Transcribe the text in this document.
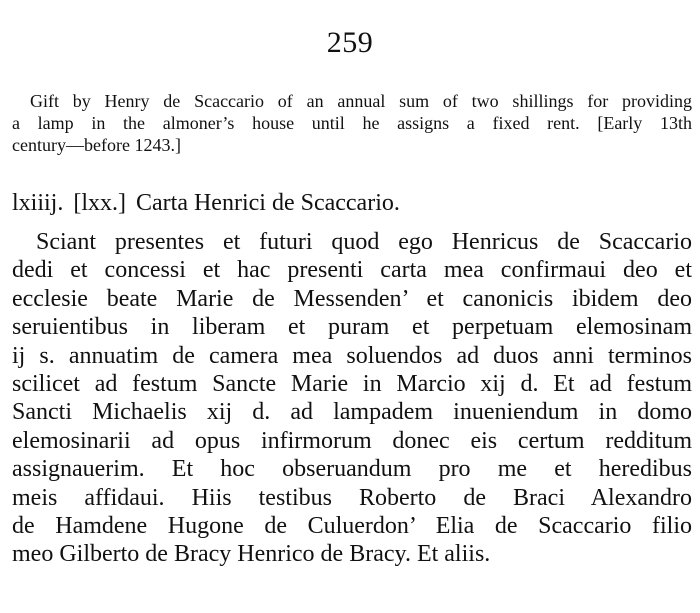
259
Gift by Henry de Scaccario of an annual sum of two shillings for providing
a lamp in the almoner’s house until he assigns a fixed rent. [Early 13th
century—before 1243.]
lxiiij. [lxx.] Carta Henrici de Scaccario.
Sciant presentes et futuri quod ego Henricus de Scaccario
dedi et concessi et hac presenti carta mea confirmaui deo et
ecclesie beate Marie de Messenden’ et canonicis ibidem deo
seruientibus in liberam et puram et perpetuam elemosinam
ij s. annuatim de camera mea soluendos ad duos anni terminos
scilicet ad festum Sancte Marie in Marcio xij d. Et ad festum
Sancti Michaelis xij d. ad lampadem inueniendum in domo
elemosinarii ad opus infirmorum donec eis certum redditum
assignauerim. Et hoc obseruandum pro me et heredibus
meis affidaui. Hiis testibus Roberto de Braci Alexandro
de Hamdene Hugone de Culuerdon’ Elia de Scaccario filio
meo Gilberto de Bracy Henrico de Bracy. Et aliis.
